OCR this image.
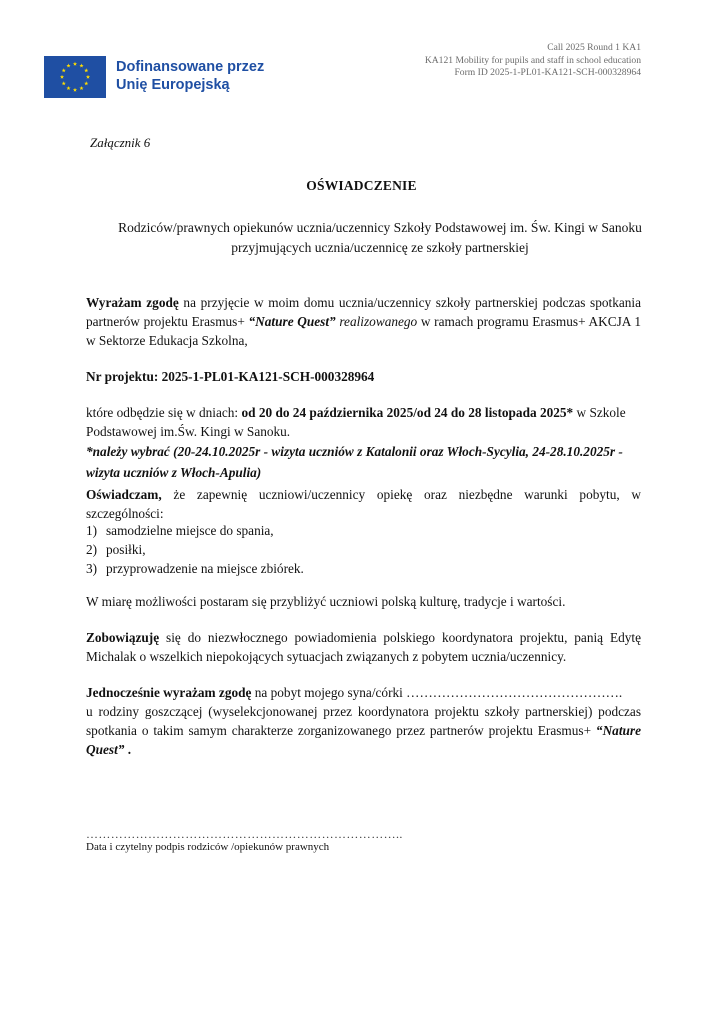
Dofinansowane przez
Unię Europejską
Call 2025 Round 1 KA1
KA121 Mobility for pupils and staff in school education
Form ID 2025-1-PL01-KA121-SCH-000328964
Załącznik 6
OŚWIADCZENIE
Rodziców/prawnych opiekunów ucznia/uczennicy Szkoły Podstawowej im. Św. Kingi w Sanoku
przyjmujących ucznia/uczennicę ze szkoły partnerskiej
Wyrażam zgodę na przyjęcie w moim domu ucznia/uczennicy szkoły partnerskiej podczas spotkania partnerów projektu Erasmus+ “Nature Quest” realizowanego w ramach programu Erasmus+ AKCJA 1 w Sektorze Edukacja Szkolna,
Nr projektu: 2025-1-PL01-KA121-SCH-000328964
które odbędzie się w dniach: od 20 do 24 października 2025/od 24 do 28 listopada 2025* w Szkole Podstawowej im.Św. Kingi w Sanoku.
*należy wybrać (20-24.10.2025r - wizyta uczniów z Katalonii oraz Włoch-Sycylia, 24-28.10.2025r - wizyta uczniów z Włoch-Apulia)
Oświadczam, że zapewnię uczniowi/uczennicy opiekę oraz niezbędne warunki pobytu, w szczególności:
1) samodzielne miejsce do spania,
2) posiłki,
3) przyprowadzenie na miejsce zbiórek.
W miarę możliwości postaram się przybliżyć uczniowi polską kulturę, tradycje i wartości.
Zobowiązuję się do niezwłocznego powiadomienia polskiego koordynatora projektu, panią Edytę Michalak o wszelkich niepokojących sytuacjach związanych z pobytem ucznia/uczennicy.
Jednocześnie wyrażam zgodę na pobyt mojego syna/córki ………………………………………….
u rodziny goszczącej (wyselekcjonowanej przez koordynatora projektu szkoły partnerskiej) podczas spotkania o takim samym charakterze zorganizowanego przez partnerów projektu Erasmus+ “Nature Quest” .
…………………………………………………………………..
Data i czytelny podpis rodziców /opiekunów prawnych
